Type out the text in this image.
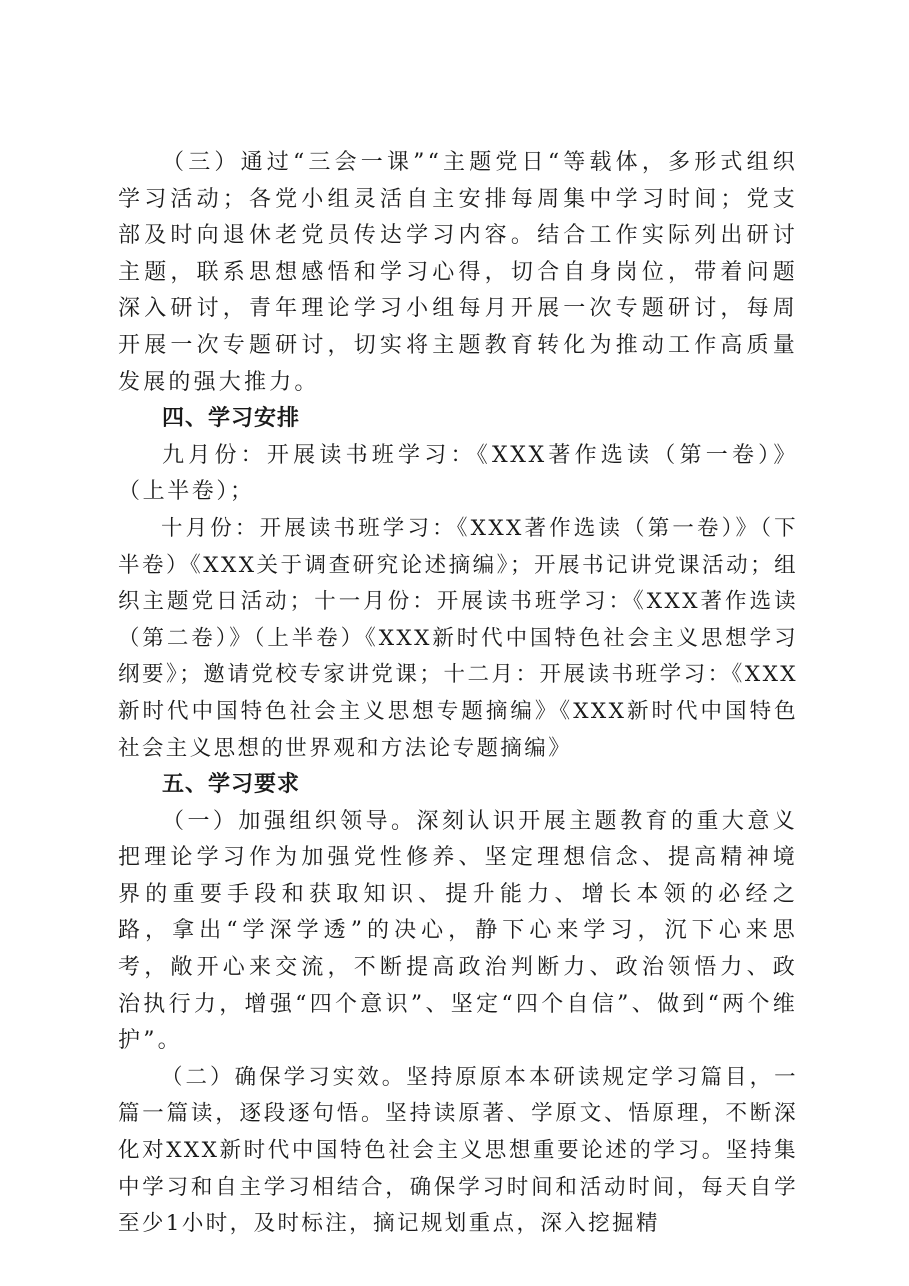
（三）通过“三会一课”“主题党日“等载体，多形式组织学习活动；各党小组灵活自主安排每周集中学习时间；党支部及时向退休老党员传达学习内容。结合工作实际列出研讨主题，联系思想感悟和学习心得，切合自身岗位，带着问题深入研讨，青年理论学习小组每月开展一次专题研讨，每周开展一次专题研讨，切实将主题教育转化为推动工作高质量发展的强大推力。

四、学习安排

九月份：开展读书班学习：《XXX著作选读（第一卷）》（上半卷）；

十月份：开展读书班学习：《XXX著作选读（第一卷）》（下半卷）《XXX关于调查研究论述摘编》；开展书记讲党课活动；组织主题党日活动；十一月份：开展读书班学习：《XXX著作选读（第二卷）》（上半卷）《XXX新时代中国特色社会主义思想学习纲要》；邀请党校专家讲党课；十二月：开展读书班学习：《XXX新时代中国特色社会主义思想专题摘编》《XXX新时代中国特色社会主义思想的世界观和方法论专题摘编》

五、学习要求

（一）加强组织领导。深刻认识开展主题教育的重大意义把理论学习作为加强党性修养、坚定理想信念、提高精神境界的重要手段和获取知识、提升能力、增长本领的必经之路，拿出“学深学透”的决心，静下心来学习，沉下心来思考，敞开心来交流，不断提高政治判断力、政治领悟力、政治执行力，增强“四个意识”、坚定“四个自信”、做到“两个维护”。

（二）确保学习实效。坚持原原本本研读规定学习篇目，一篇一篇读，逐段逐句悟。坚持读原著、学原文、悟原理，不断深化对XXX新时代中国特色社会主义思想重要论述的学习。坚持集中学习和自主学习相结合，确保学习时间和活动时间，每天自学至少1小时，及时标注，摘记规划重点，深入挖掘精
